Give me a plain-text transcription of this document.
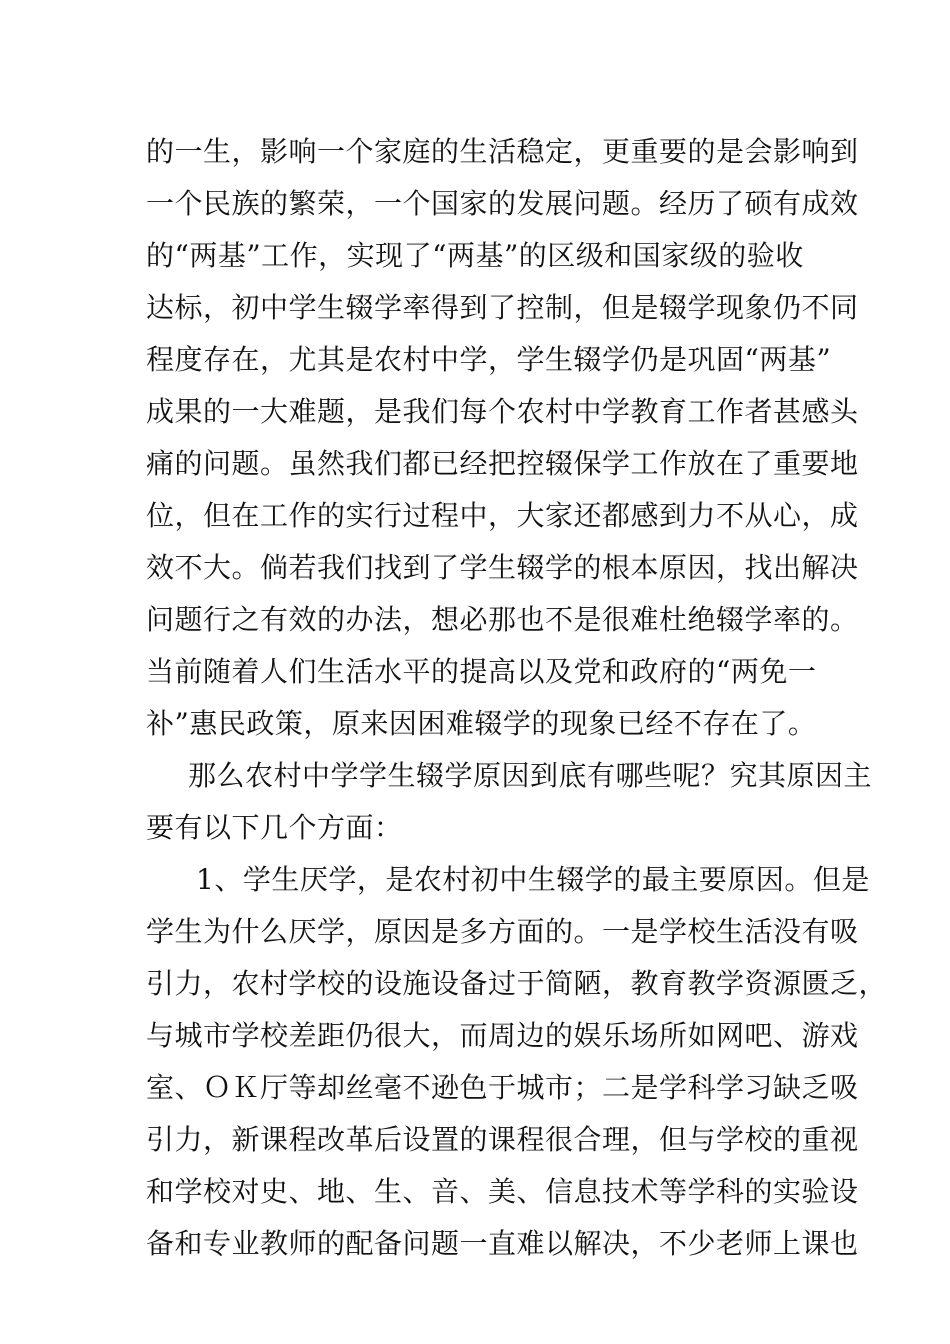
的一生，影响一个家庭的生活稳定，更重要的是会影响到
一个民族的繁荣，一个国家的发展问题。经历了硕有成效
的“两基”工作，实现了“两基”的区级和国家级的验收
达标，初中学生辍学率得到了控制，但是辍学现象仍不同
程度存在，尤其是农村中学，学生辍学仍是巩固“两基”
成果的一大难题，是我们每个农村中学教育工作者甚感头
痛的问题。虽然我们都已经把控辍保学工作放在了重要地
位，但在工作的实行过程中，大家还都感到力不从心，成
效不大。倘若我们找到了学生辍学的根本原因，找出解决
问题行之有效的办法，想必那也不是很难杜绝辍学率的。
当前随着人们生活水平的提高以及党和政府的“两免一
补”惠民政策，原来因困难辍学的现象已经不存在了。
那么农村中学学生辍学原因到底有哪些呢？究其原因主
要有以下几个方面：
1、学生厌学，是农村初中生辍学的最主要原因。但是
学生为什么厌学，原因是多方面的。一是学校生活没有吸
引力，农村学校的设施设备过于简陋，教育教学资源匮乏，
与城市学校差距仍很大，而周边的娱乐场所如网吧、游戏
室、ＯＫ厅等却丝毫不逊色于城市；二是学科学习缺乏吸
引力，新课程改革后设置的课程很合理，但与学校的重视
和学校对史、地、生、音、美、信息技术等学科的实验设
备和专业教师的配备问题一直难以解决，不少老师上课也
